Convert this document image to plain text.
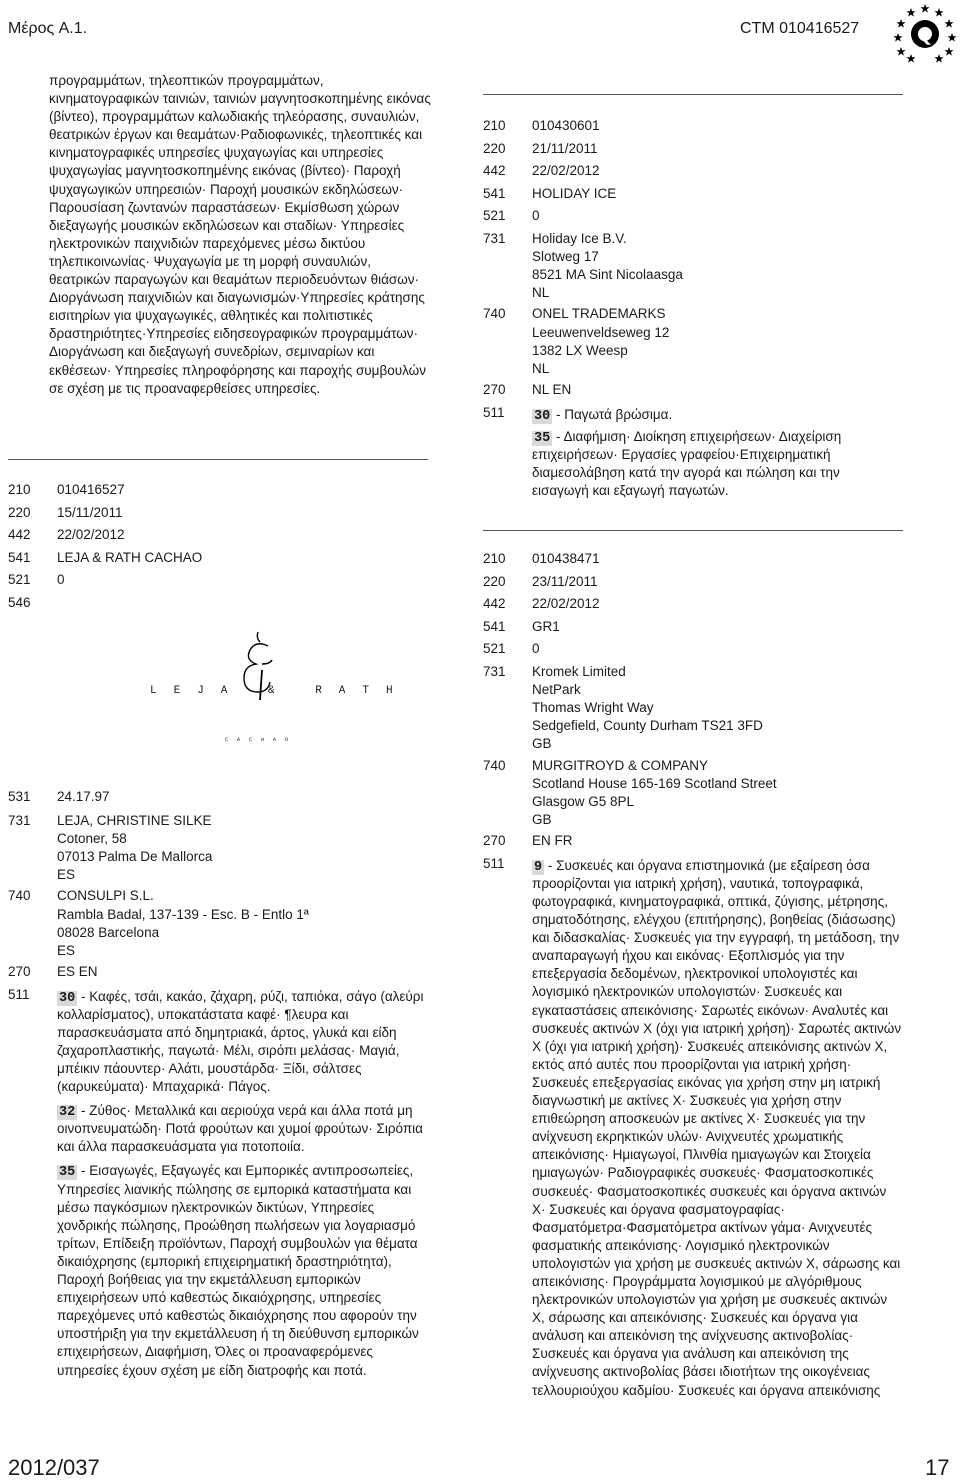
Μέρος A.1.	CTM 010416527
προγραμμάτων, τηλεοπτικών προγραμμάτων, κινηματογραφικών ταινιών, ταινιών μαγνητοσκοπημένης εικόνας (βίντεο), προγραμμάτων καλωδιακής τηλεόρασης, συναυλιών, θεατρικών έργων και θεαμάτων·Ραδιοφωνικές, τηλεοπτικές και κινηματογραφικές υπηρεσίες ψυχαγωγίας και υπηρεσίες ψυχαγωγίας μαγνητοσκοπημένης εικόνας (βίντεο)· Παροχή ψυχαγωγικών υπηρεσιών· Παροχή μουσικών εκδηλώσεων· Παρουσίαση ζωντανών παραστάσεων· Εκμίσθωση χώρων διεξαγωγής μουσικών εκδηλώσεων και σταδίων· Υπηρεσίες ηλεκτρονικών παιχνιδιών παρεχόμενες μέσω δικτύου τηλεπικοινωνίας· Ψυχαγωγία με τη μορφή συναυλιών, θεατρικών παραγωγών και θεαμάτων περιοδευόντων θιάσων· Διοργάνωση παιχνιδιών και διαγωνισμών·Υπηρεσίες κράτησης εισιτηρίων για ψυχαγωγικές, αθλητικές και πολιτιστικές δραστηριότητες·Υπηρεσίες ειδησεογραφικών προγραμμάτων· Διοργάνωση και διεξαγωγή συνεδρίων, σεμιναρίων και εκθέσεων· Υπηρεσίες πληροφόρησης και παροχής συμβουλών σε σχέση με τις προαναφερθείσες υπηρεσίες.
210	010416527
220	15/11/2011
442	22/02/2012
541	LEJA & RATH CACHAO
521	0
546
LEJA & RATH
CACHAO
531	24.17.97
731	LEJA, CHRISTINE SILKE
Cotoner, 58
07013 Palma De Mallorca
ES
740	CONSULPI S.L.
Rambla Badal, 137-139 - Esc. B - Entlo 1ª
08028 Barcelona
ES
270	ES EN
511	30 - Καφές, τσάι, κακάο, ζάχαρη, ρύζι, ταπιόκα, σάγο (αλεύρι κολλαρίσματος), υποκατάστατα καφέ· ¶λευρα και παρασκευάσματα από δημητριακά, άρτος, γλυκά και είδη ζαχαροπλαστικής, παγωτά· Μέλι, σιρόπι μελάσας· Μαγιά, μπέικιν πάουντερ· Αλάτι, μουστάρδα· Ξίδι, σάλτσες (καρυκεύματα)· Μπαχαρικά· Πάγος.
32 - Ζύθος· Μεταλλικά και αεριούχα νερά και άλλα ποτά μη οινοπνευματώδη· Ποτά φρούτων και χυμοί φρούτων· Σιρόπια και άλλα παρασκευάσματα για ποτοποιία.
35 - Εισαγωγές, Εξαγωγές και Εμπορικές αντιπροσωπείες, Υπηρεσίες λιανικής πώλησης σε εμπορικά καταστήματα και μέσω παγκόσμιων ηλεκτρονικών δικτύων, Υπηρεσίες χονδρικής πώλησης, Προώθηση πωλήσεων για λογαριασμό τρίτων, Επίδειξη προϊόντων, Παροχή συμβουλών για θέματα δικαιόχρησης (εμπορική επιχειρηματική δραστηριότητα), Παροχή βοήθειας για την εκμετάλλευση εμπορικών επιχειρήσεων υπό καθεστώς δικαιόχρησης, υπηρεσίες παρεχόμενες υπό καθεστώς δικαιόχρησης που αφορούν την υποστήριξη για την εκμετάλλευση ή τη διεύθυνση εμπορικών επιχειρήσεων, Διαφήμιση, Όλες οι προαναφερόμενες υπηρεσίες έχουν σχέση με είδη διατροφής και ποτά.
210	010430601
220	21/11/2011
442	22/02/2012
541	HOLIDAY ICE
521	0
731	Holiday Ice B.V.
Slotweg 17
8521 MA Sint Nicolaasga
NL
740	ONEL TRADEMARKS
Leeuwenveldseweg 12
1382 LX Weesp
NL
270	NL EN
511	30 - Παγωτά βρώσιμα.
35 - Διαφήμιση· Διοίκηση επιχειρήσεων· Διαχείριση επιχειρήσεων· Εργασίες γραφείου·Επιχειρηματική διαμεσολάβηση κατά την αγορά και πώληση και την εισαγωγή και εξαγωγή παγωτών.
210	010438471
220	23/11/2011
442	22/02/2012
541	GR1
521	0
731	Kromek Limited
NetPark
Thomas Wright Way
Sedgefield, County Durham TS21 3FD
GB
740	MURGITROYD & COMPANY
Scotland House 165-169 Scotland Street
Glasgow G5 8PL
GB
270	EN FR
511	9 - Συσκευές και όργανα επιστημονικά (με εξαίρεση όσα προορίζονται για ιατρική χρήση), ναυτικά, τοπογραφικά, φωτογραφικά, κινηματογραφικά, οπτικά, ζύγισης, μέτρησης, σηματοδότησης, ελέγχου (επιτήρησης), βοηθείας (διάσωσης) και διδασκαλίας· Συσκευές για την εγγραφή, τη μετάδοση, την αναπαραγωγή ήχου και εικόνας· Εξοπλισμός για την επεξεργασία δεδομένων, ηλεκτρονικοί υπολογιστές και λογισμικό ηλεκτρονικών υπολογιστών· Συσκευές και εγκαταστάσεις απεικόνισης· Σαρωτές εικόνων· Αναλυτές και συσκευές ακτινών Χ (όχι για ιατρική χρήση)· Σαρωτές ακτινών Χ (όχι για ιατρική χρήση)· Συσκευές απεικόνισης ακτινών Χ, εκτός από αυτές που προορίζονται για ιατρική χρήση· Συσκευές επεξεργασίας εικόνας για χρήση στην μη ιατρική διαγνωστική με ακτίνες Χ· Συσκευές για χρήση στην επιθεώρηση αποσκευών με ακτίνες Χ· Συσκευές για την ανίχνευση εκρηκτικών υλών· Ανιχνευτές χρωματικής απεικόνισης· Ημιαγωγοί, Πλινθία ημιαγωγών και Στοιχεία ημιαγωγών· Ραδιογραφικές συσκευές· Φασματοσκοπικές συσκευές· Φασματοσκοπικές συσκευές και όργανα ακτινών Χ· Συσκευές και όργανα φασματογραφίας· Φασματόμετρα·Φασματόμετρα ακτίνων γάμα· Ανιχνευτές φασματικής απεικόνισης· Λογισμικό ηλεκτρονικών υπολογιστών για χρήση με συσκευές ακτινών Χ, σάρωσης και απεικόνισης· Προγράμματα λογισμικού με αλγόριθμους ηλεκτρονικών υπολογιστών για χρήση με συσκευές ακτινών Χ, σάρωσης και απεικόνισης· Συσκευές και όργανα για ανάλυση και απεικόνιση της ανίχνευσης ακτινοβολίας· Συσκευές και όργανα για ανάλυση και απεικόνιση της ανίχνευσης ακτινοβολίας βάσει ιδιοτήτων της οικογένειας τελλουριούχου καδμίου· Συσκευές και όργανα απεικόνισης
2012/037	17
